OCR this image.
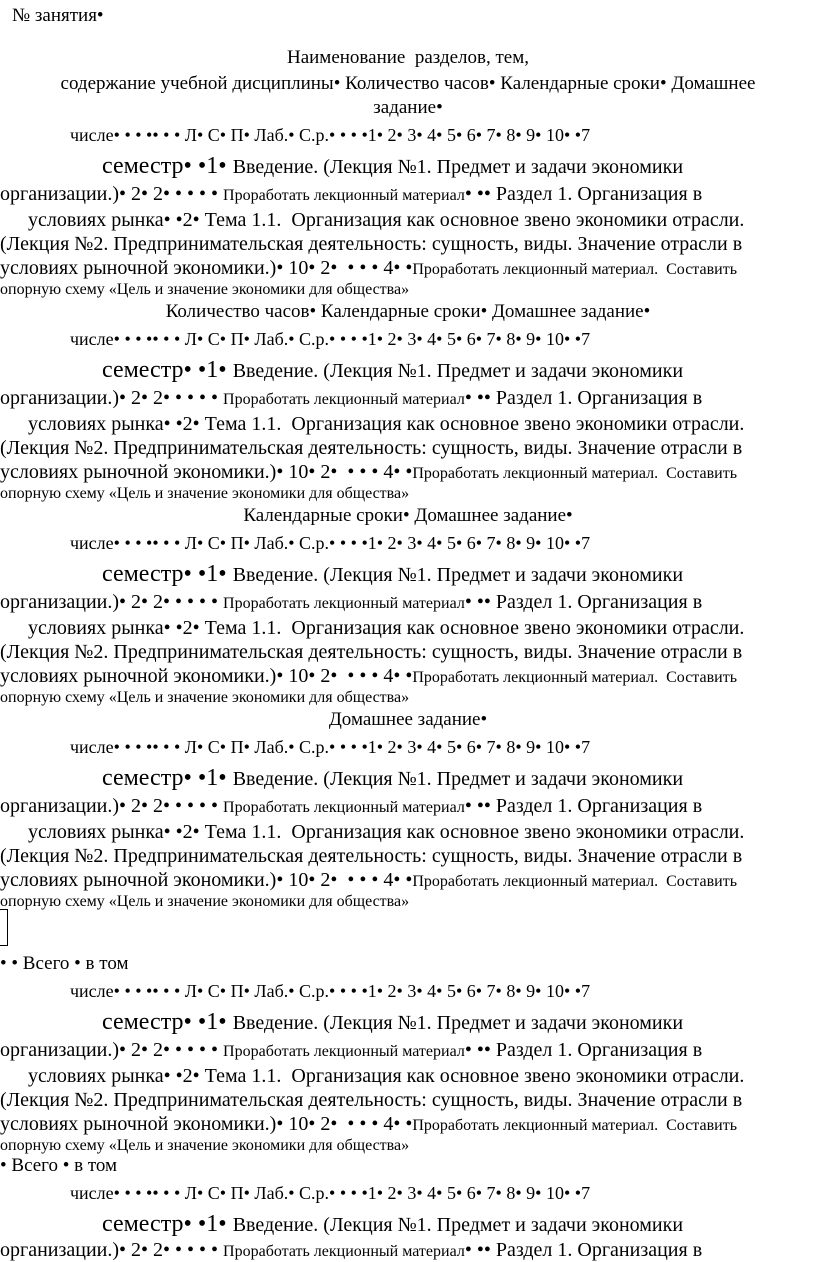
№ занятия•
Наименование  разделов, тем,
содержание учебной дисциплины• Количество часов• Календарные сроки• Домашнее
задание•
числе• • • •• • • Л• С• П• Лаб.• С.р.• • • •1• 2• 3• 4• 5• 6• 7• 8• 9• 10• •7
семестр• •1• Введение. (Лекция №1. Предмет и задачи экономики
организации.)• 2• 2• • • • • Проработать лекционный материал• •• Раздел 1. Организация в
условиях рынка• •2• Тема 1.1.  Организация как основное звено экономики отрасли.
(Лекция №2. Предпринимательская деятельность: сущность, виды. Значение отрасли в
условиях рыночной экономики.)• 10• 2•  • • • 4• •Проработать лекционный материал.  Составить
опорную схему «Цель и значение экономики для общества»
Количество часов• Календарные сроки• Домашнее задание•
числе• • • •• • • Л• С• П• Лаб.• С.р.• • • •1• 2• 3• 4• 5• 6• 7• 8• 9• 10• •7
семестр• •1• Введение. (Лекция №1. Предмет и задачи экономики
организации.)• 2• 2• • • • • Проработать лекционный материал• •• Раздел 1. Организация в
условиях рынка• •2• Тема 1.1.  Организация как основное звено экономики отрасли.
(Лекция №2. Предпринимательская деятельность: сущность, виды. Значение отрасли в
условиях рыночной экономики.)• 10• 2•  • • • 4• •Проработать лекционный материал.  Составить
опорную схему «Цель и значение экономики для общества»
Календарные сроки• Домашнее задание•
числе• • • •• • • Л• С• П• Лаб.• С.р.• • • •1• 2• 3• 4• 5• 6• 7• 8• 9• 10• •7
семестр• •1• Введение. (Лекция №1. Предмет и задачи экономики
организации.)• 2• 2• • • • • Проработать лекционный материал• •• Раздел 1. Организация в
условиях рынка• •2• Тема 1.1.  Организация как основное звено экономики отрасли.
(Лекция №2. Предпринимательская деятельность: сущность, виды. Значение отрасли в
условиях рыночной экономики.)• 10• 2•  • • • 4• •Проработать лекционный материал.  Составить
опорную схему «Цель и значение экономики для общества»
Домашнее задание•
числе• • • •• • • Л• С• П• Лаб.• С.р.• • • •1• 2• 3• 4• 5• 6• 7• 8• 9• 10• •7
семестр• •1• Введение. (Лекция №1. Предмет и задачи экономики
организации.)• 2• 2• • • • • Проработать лекционный материал• •• Раздел 1. Организация в
условиях рынка• •2• Тема 1.1.  Организация как основное звено экономики отрасли.
(Лекция №2. Предпринимательская деятельность: сущность, виды. Значение отрасли в
условиях рыночной экономики.)• 10• 2•  • • • 4• •Проработать лекционный материал.  Составить
опорную схему «Цель и значение экономики для общества»
• • Всего • в том
числе• • • •• • • Л• С• П• Лаб.• С.р.• • • •1• 2• 3• 4• 5• 6• 7• 8• 9• 10• •7
семестр• •1• Введение. (Лекция №1. Предмет и задачи экономики
организации.)• 2• 2• • • • • Проработать лекционный материал• •• Раздел 1. Организация в
условиях рынка• •2• Тема 1.1.  Организация как основное звено экономики отрасли.
(Лекция №2. Предпринимательская деятельность: сущность, виды. Значение отрасли в
условиях рыночной экономики.)• 10• 2•  • • • 4• •Проработать лекционный материал.  Составить
опорную схему «Цель и значение экономики для общества»
• Всего • в том
числе• • • •• • • Л• С• П• Лаб.• С.р.• • • •1• 2• 3• 4• 5• 6• 7• 8• 9• 10• •7
семестр• •1• Введение. (Лекция №1. Предмет и задачи экономики
организации.)• 2• 2• • • • • Проработать лекционный материал• •• Раздел 1. Организация в
